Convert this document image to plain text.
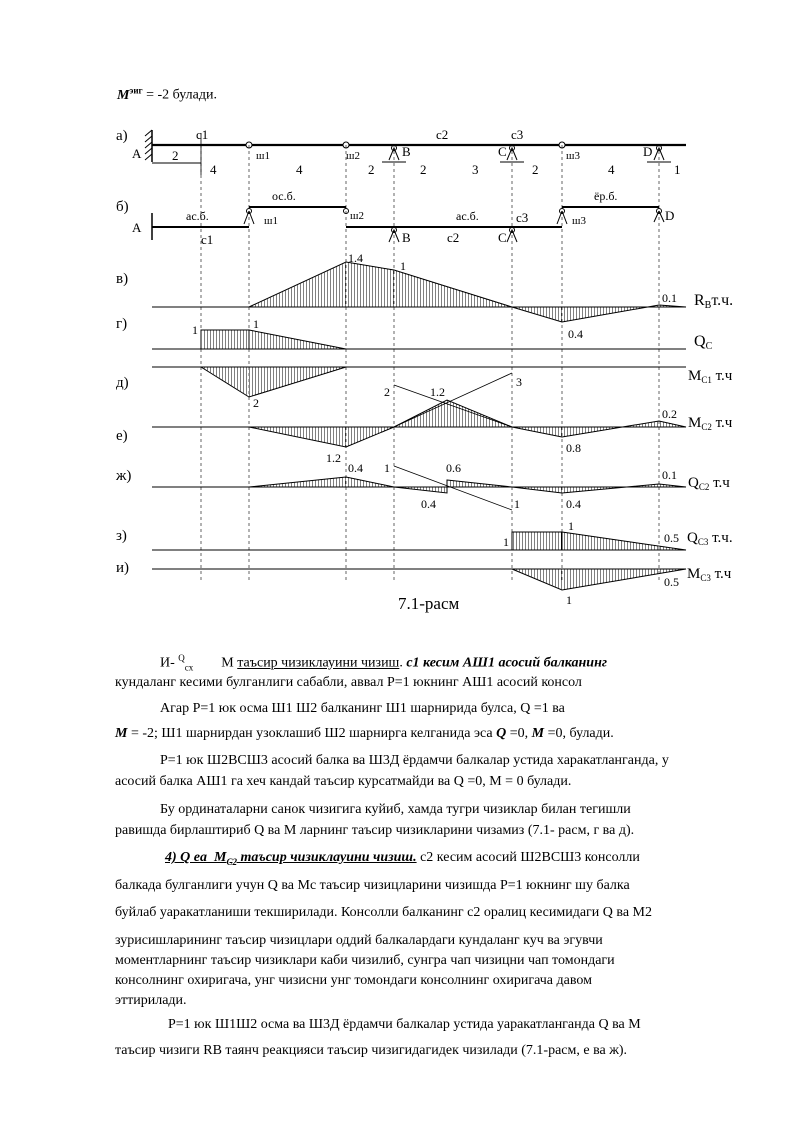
$M^{эиг} = -2$ булади.
а)
б)
в)
г)
д)
е)
ж)
з)
и)
A	ш1	ш2	ш3
B	C	D
c1	c2	c3
2
4	4	2	2	3	2	4	1
ас.б.
ос.б.
ас.б.
ёр.б.
A
c1
ш1	ш2
B	c2
c3
C
ш3	D
1.4
1
0.1
0.4
RBт.ч.
1	1
QC
2
$M_{C1}$ т.ч
2	1.2
3
1.2
0.2
0.8
$M_{C2}$ т.ч
0.4 1	0.6
0.4	1
0.1
0.4
$Q_{C2}$ т.ч
1
1
0.5 $Q_{C3}$ т.ч.
1
0.5 $M_{C3}$ т.ч
7.1-расм
И- $^Q_{cx}$ М таъсир чизиклауини чизиш. c1 кесим АШ1 асосий балканинг
кундаланг кесими булганлиги сабабли, аввал P=1 юкнинг АШ1 асосий консол
Агар P=1 юк осма Ш1 Ш2 балканинг Ш1 шарнирида булса, Q =1 ва
M = -2; Ш1 шарнирдан узоклашиб Ш2 шарнирга келганида эса Q =0, M =0, булади.
P=1 юк Ш2ВСШ3 асосий балка ва Ш3Д ёрдамчи балкалар устида харакатланганда, у
асосий балка АШ1 га хеч кандай таъсир курсатмайди ва Q =0, М = 0 булади.
Бу ординаталарни санок чизигига куйиб, хамда тугри чизиклар билан тегишли
равишда бирлаштириб Q ва М ларнинг таъсир чизикларини чизамиз (7.1- расм, г ва д).
4) Q $ea\_M_{C2}$ таъсир чизиклауини чизиш. c2 кесим асосий Ш2ВСШ3 консолли
балкада булганлиги учун Q ва Mc таъсир чизицларини чизишда P=1 юкнинг шу балка
буйлаб уаракатланиши текширилади. Консолли балканинг c2 оралиц кесимидаги Q ва M2
зуриcишларининг таъсир чизицлари оддий балкалардаги кундаланг куч ва эгувчи
моментларнинг таъсир чизиклари каби чизилиб, сунгра чап чизицни чап томондаги
консолнинг охиригача, унг чизиcни унг томондаги консолнинг охиригача давом
эттирилади.
P=1 юк Ш1Ш2 осма ва Ш3Д ёрдамчи балкалар устида уаракатланганда Q ва М
таъсир чизиги RB таянч реакцияси таъсир чизигидагидек чизилади (7.1-расм, е ва ж).
